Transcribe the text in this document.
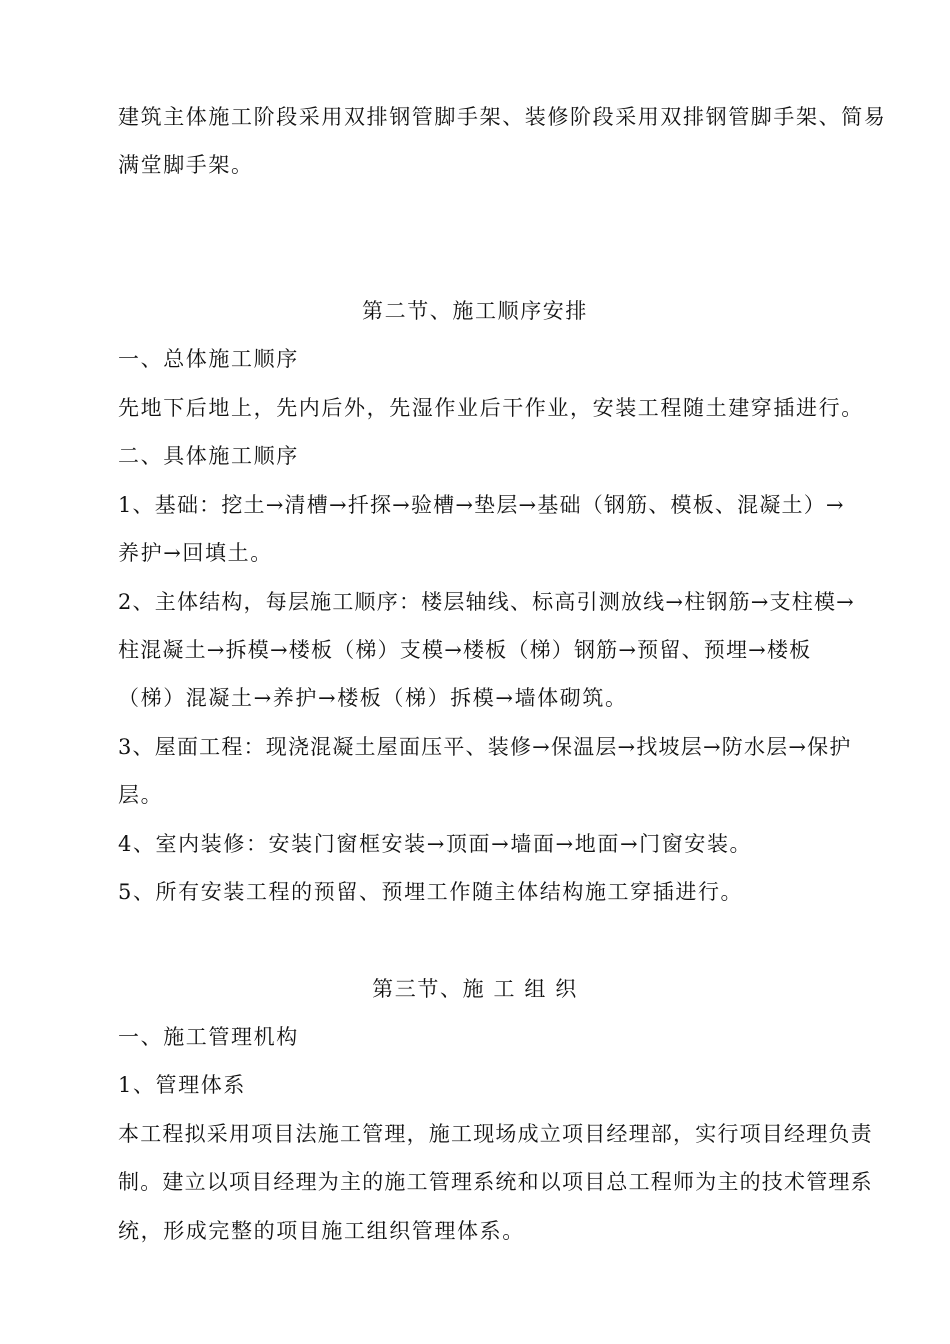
建筑主体施工阶段采用双排钢管脚手架、装修阶段采用双排钢管脚手架、简易
满堂脚手架。
第二节、施工顺序安排
一、总体施工顺序
先地下后地上，先内后外，先湿作业后干作业，安装工程随土建穿插进行。
二、具体施工顺序
1、基础：挖土→清槽→扦探→验槽→垫层→基础（钢筋、模板、混凝土）→
养护→回填土。
2、主体结构，每层施工顺序：楼层轴线、标高引测放线→柱钢筋→支柱模→
柱混凝土→拆模→楼板（梯）支模→楼板（梯）钢筋→预留、预埋→楼板
（梯）混凝土→养护→楼板（梯）拆模→墙体砌筑。
3、屋面工程：现浇混凝土屋面压平、装修→保温层→找坡层→防水层→保护
层。
4、室内装修：安装门窗框安装→顶面→墙面→地面→门窗安装。
5、所有安装工程的预留、预埋工作随主体结构施工穿插进行。
第三节、施 工 组 织
一、施工管理机构
1、管理体系
本工程拟采用项目法施工管理，施工现场成立项目经理部，实行项目经理负责
制。建立以项目经理为主的施工管理系统和以项目总工程师为主的技术管理系
统，形成完整的项目施工组织管理体系。
